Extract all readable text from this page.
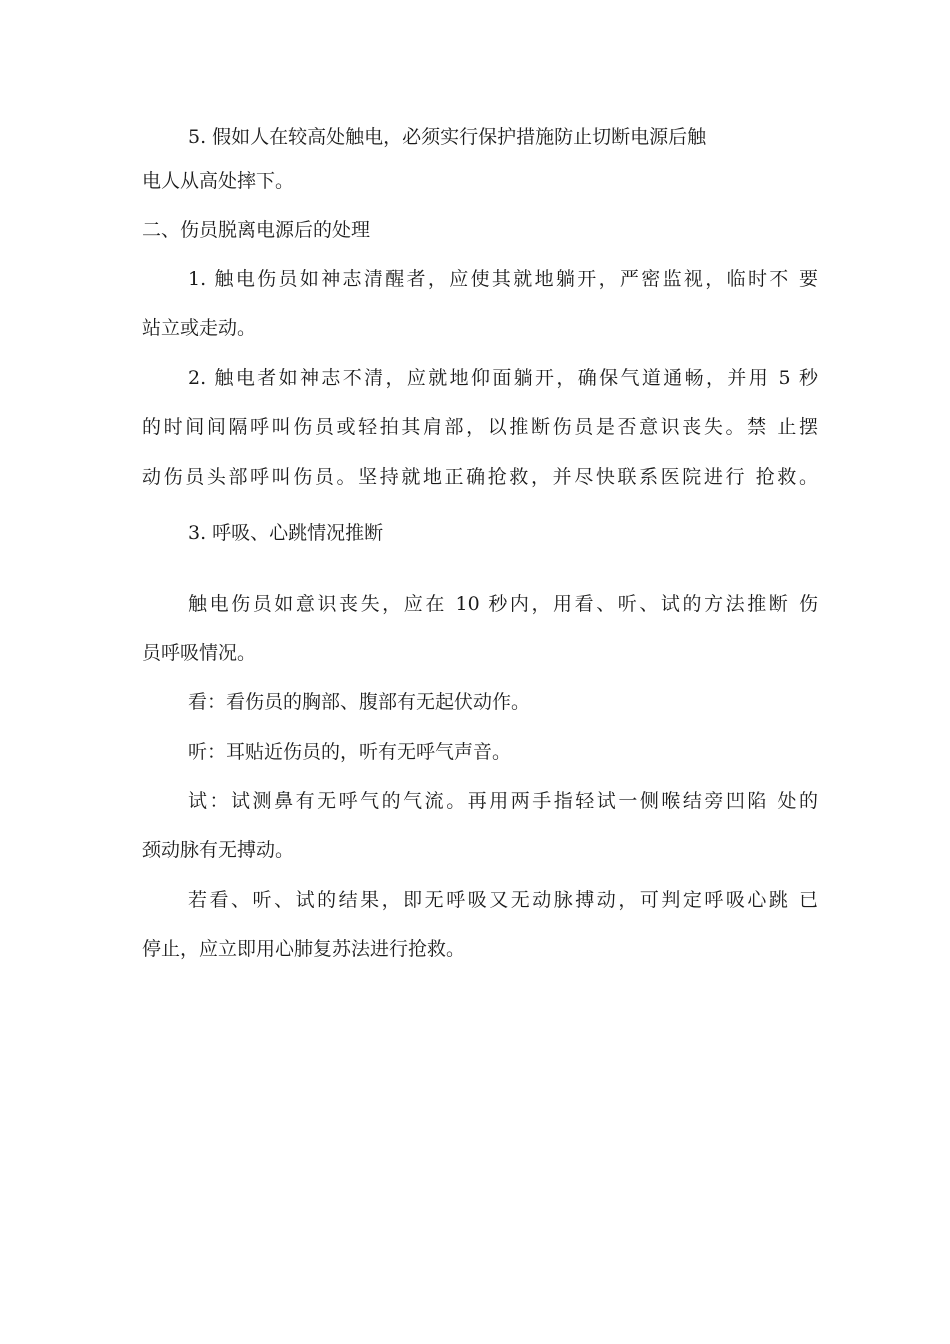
5. 假如人在较高处触电，必须实行保护措施防止切断电源后触

电人从高处摔下。

二、伤员脱离电源后的处理

1. 触电伤员如神志清醒者，应使其就地躺开，严密监视，临时不 要

站立或走动。

2. 触电者如神志不清，应就地仰面躺开，确保气道通畅，并用 5 秒

的时间间隔呼叫伤员或轻拍其肩部，以推断伤员是否意识丧失。禁 止摆

动伤员头部呼叫伤员。坚持就地正确抢救，并尽快联系医院进行 抢救。

3. 呼吸、心跳情况推断

触电伤员如意识丧失，应在 10 秒内，用看、听、试的方法推断 伤

员呼吸情况。

看：看伤员的胸部、腹部有无起伏动作。

听：耳贴近伤员的，听有无呼气声音。

试：试测鼻有无呼气的气流。再用两手指轻试一侧喉结旁凹陷 处的

颈动脉有无搏动。

若看、听、试的结果，即无呼吸又无动脉搏动，可判定呼吸心跳 已

停止，应立即用心肺复苏法进行抢救。
